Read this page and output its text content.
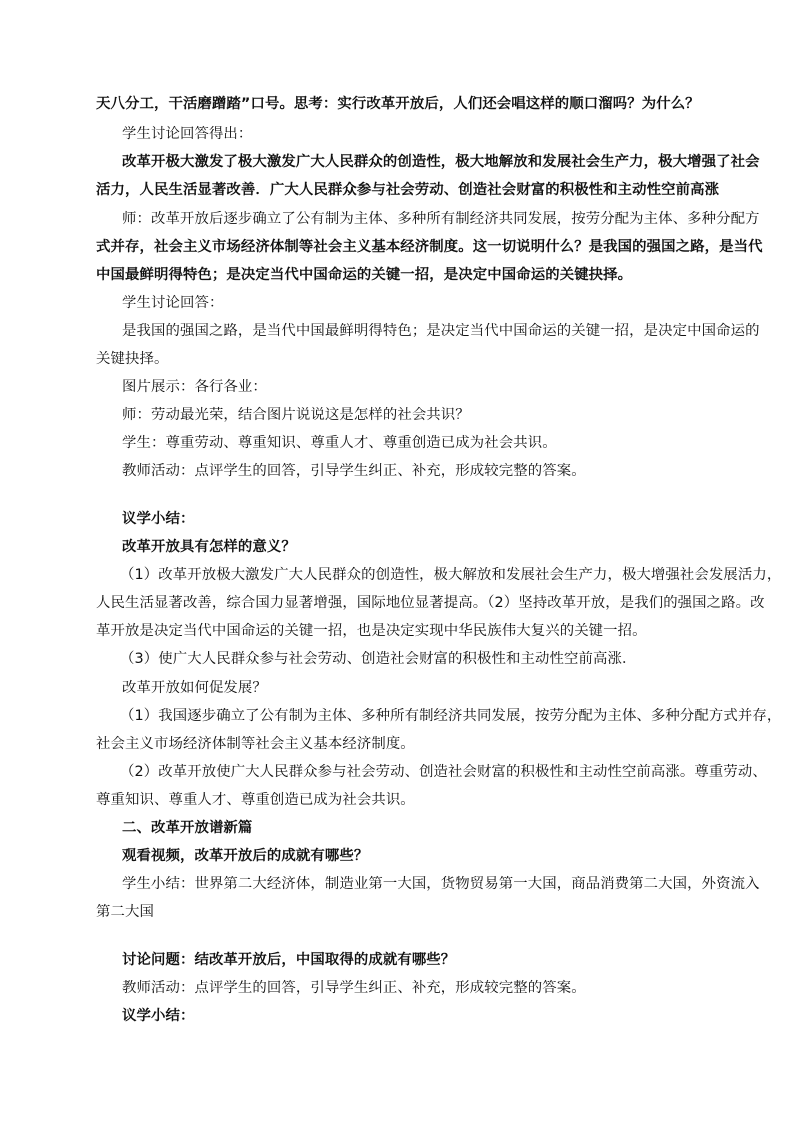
天八分工，干活磨蹭踏”口号。思考：实行改革开放后，人们还会唱这样的顺口溜吗？为什么？
学生讨论回答得出：
改革开极大激发了极大激发广大人民群众的创造性，极大地解放和发展社会生产力，极大增强了社会
活力，人民生活显著改善．广大人民群众参与社会劳动、创造社会财富的积极性和主动性空前高涨
师：改革开放后逐步确立了公有制为主体、多种所有制经济共同发展，按劳分配为主体、多种分配方
式并存，社会主义市场经济体制等社会主义基本经济制度。这一切说明什么？是我国的强国之路，是当代
中国最鲜明得特色；是决定当代中国命运的关键一招，是决定中国命运的关键抉择。
学生讨论回答：
是我国的强国之路，是当代中国最鲜明得特色；是决定当代中国命运的关键一招，是决定中国命运的
关键抉择。
图片展示：各行各业：
师：劳动最光荣，结合图片说说这是怎样的社会共识？
学生：尊重劳动、尊重知识、尊重人才、尊重创造已成为社会共识。
教师活动：点评学生的回答，引导学生纠正、补充，形成较完整的答案。
议学小结：
改革开放具有怎样的意义？
（1）改革开放极大激发广大人民群众的创造性，极大解放和发展社会生产力，极大增强社会发展活力，
人民生活显著改善，综合国力显著增强，国际地位显著提高。（2）坚持改革开放，是我们的强国之路。改
革开放是决定当代中国命运的关键一招，也是决定实现中华民族伟大复兴的关键一招。
（3）使广大人民群众参与社会劳动、创造社会财富的积极性和主动性空前高涨．
改革开放如何促发展？
（1）我国逐步确立了公有制为主体、多种所有制经济共同发展，按劳分配为主体、多种分配方式并存，
社会主义市场经济体制等社会主义基本经济制度。
（2）改革开放使广大人民群众参与社会劳动、创造社会财富的积极性和主动性空前高涨。尊重劳动、
尊重知识、尊重人才、尊重创造已成为社会共识。
二、改革开放谱新篇
观看视频，改革开放后的成就有哪些？
学生小结：世界第二大经济体，制造业第一大国，货物贸易第一大国，商品消费第二大国，外资流入
第二大国
讨论问题：结改革开放后，中国取得的成就有哪些？
教师活动：点评学生的回答，引导学生纠正、补充，形成较完整的答案。
议学小结：
